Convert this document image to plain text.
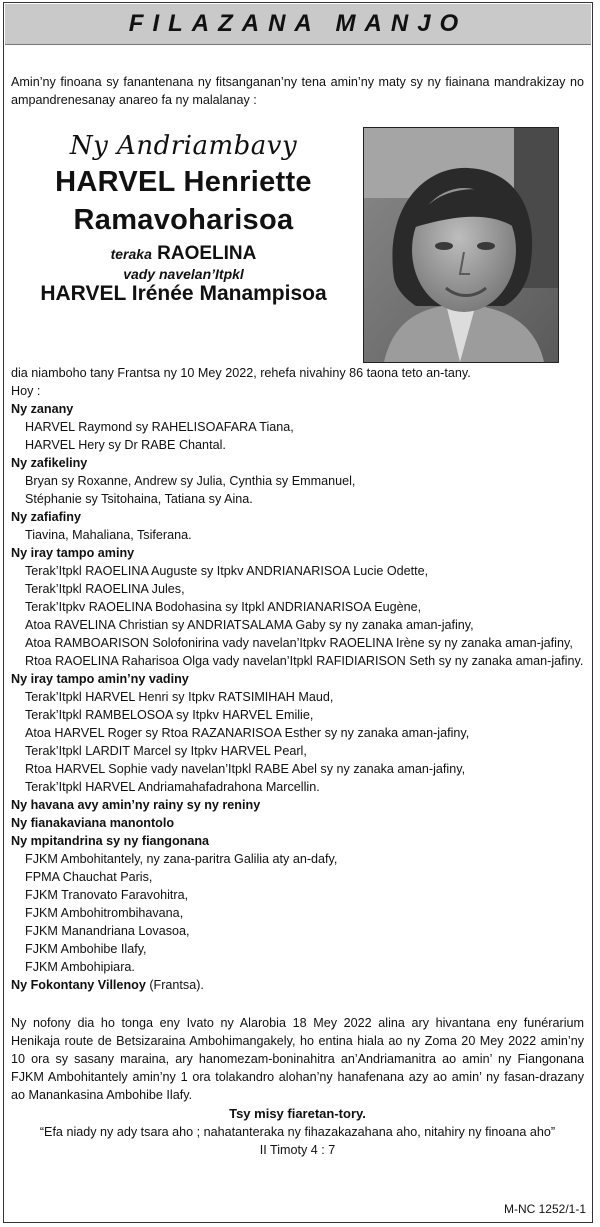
FILAZANA MANJO
Amin’ny finoana sy fanantenana ny fitsanganan’ny tena amin’ny maty sy ny fiainana mandrakizay no ampandrenesanay anareo fa ny malalanay :
Ny Andriambavy
HARVEL Henriette
Ramavoharisoa
teraka RAOELINA
vady navelan’Itpkl
HARVEL Irénée Manampisoa
dia niamboho tany Frantsa ny 10 Mey 2022, rehefa nivahiny 86 taona teto an-tany.
Hoy :
Ny zanany
HARVEL Raymond sy RAHELISOAFARA Tiana,
HARVEL Hery sy Dr RABE Chantal.
Ny zafikeliny
Bryan sy Roxanne, Andrew sy Julia, Cynthia sy Emmanuel,
Stéphanie sy Tsitohaina, Tatiana sy Aina.
Ny zafiafiny
Tiavina, Mahaliana, Tsiferana.
Ny iray tampo aminy
Terak’Itpkl RAOELINA Auguste sy Itpkv ANDRIANARISOA Lucie Odette,
Terak’Itpkl RAOELINA Jules,
Terak’Itpkv RAOELINA Bodohasina sy Itpkl ANDRIANARISOA Eugène,
Atoa RAVELINA Christian sy ANDRIATSALAMA Gaby sy ny zanaka aman-jafiny,
Atoa RAMBOARISON Solofonirina vady navelan’Itpkv RAOELINA Irène sy ny zanaka aman-jafiny,
Rtoa RAOELINA Raharisoa Olga vady navelan’Itpkl RAFIDIARISON Seth sy ny zanaka aman-jafiny.
Ny iray tampo amin’ny vadiny
Terak’Itpkl HARVEL Henri sy Itpkv RATSIMIHAH Maud,
Terak’Itpkl RAMBELOSOA sy Itpkv HARVEL Emilie,
Atoa HARVEL Roger sy Rtoa RAZANARISOA Esther sy ny zanaka aman-jafiny,
Terak’Itpkl LARDIT Marcel sy Itpkv HARVEL Pearl,
Rtoa HARVEL Sophie vady navelan’Itpkl RABE Abel sy ny zanaka aman-jafiny,
Terak’Itpkl HARVEL Andriamahafadrahona Marcellin.
Ny havana avy amin’ny rainy sy ny reniny
Ny fianakaviana manontolo
Ny mpitandrina sy ny fiangonana
FJKM Ambohitantely, ny zana-paritra Galilia aty an-dafy,
FPMA Chauchat Paris,
FJKM Tranovato Faravohitra,
FJKM Ambohitrombihavana,
FJKM Manandriana Lovasoa,
FJKM Ambohibe Ilafy,
FJKM Ambohipiara.
Ny Fokontany Villenoy (Frantsa).
Ny nofony dia ho tonga eny Ivato ny Alarobia 18 Mey 2022 alina ary hivantana eny funérarium Henikaja route de Betsizaraina Ambohimangakely, ho entina hiala ao ny Zoma 20 Mey 2022 amin’ny 10 ora sy sasany maraina, ary hanomezam-boninahitra an’Andriamanitra ao amin’ ny Fiangonana FJKM Ambohitantely amin’ny 1 ora tolakandro alohan’ny hanafenana azy ao amin’ ny fasan-drazany ao Manankasina Ambohibe Ilafy.
Tsy misy fiaretan-tory.
“Efa niady ny ady tsara aho ; nahatanteraka ny fihazakazahana aho, nitahiry ny finoana aho”
II Timoty 4 : 7
M-NC 1252/1-1
